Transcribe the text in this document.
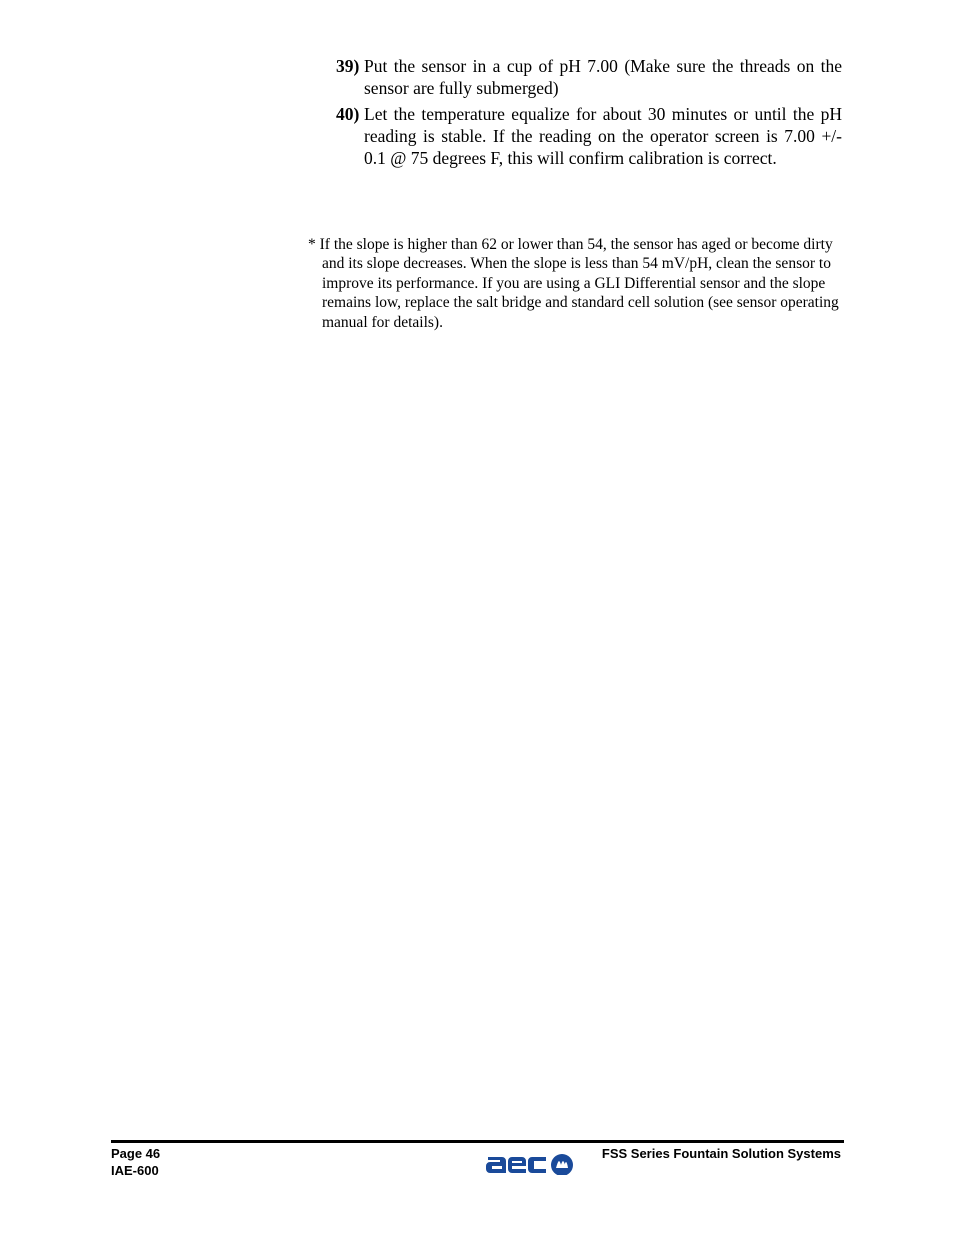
39) Put the sensor in a cup of pH 7.00 (Make sure the threads on the sensor are fully submerged)
40) Let the temperature equalize for about 30 minutes or until the pH reading is stable. If the reading on the operator screen is 7.00 +/- 0.1 @ 75 degrees F, this will confirm calibration is correct.

* If the slope is higher than 62 or lower than 54, the sensor has aged or become dirty and its slope decreases. When the slope is less than 54 mV/pH, clean the sensor to improve its performance. If you are using a GLI Differential sensor and the slope remains low, replace the salt bridge and standard cell solution (see sensor operating manual for details).

Page 46
IAE-600
FSS Series Fountain Solution Systems
